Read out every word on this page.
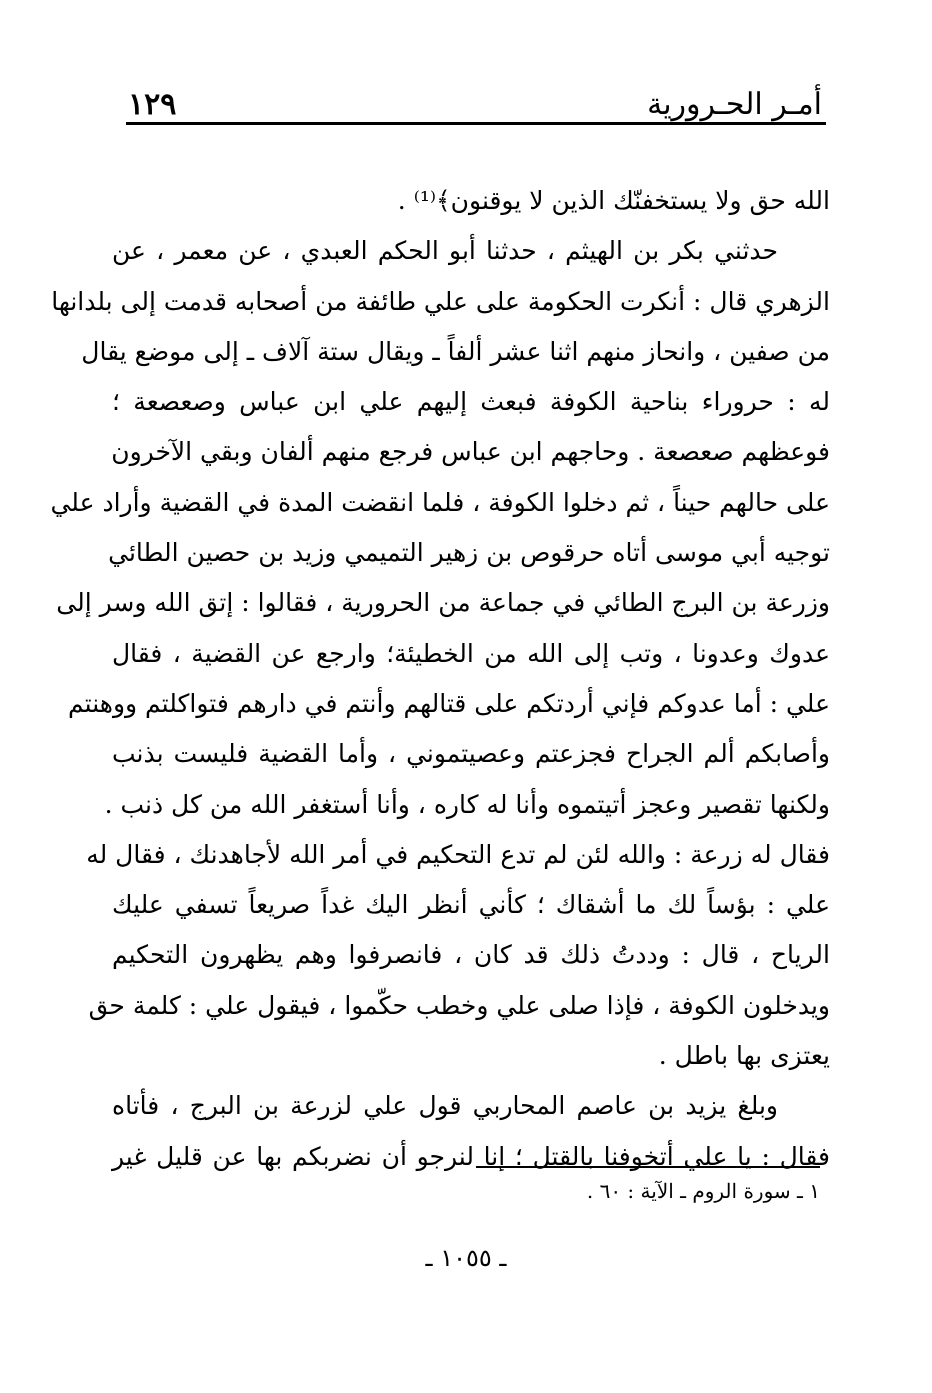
أمـر الحـرورية
١٢٩
الله حق ولا يستخفنّك الذين لا يوقنون﴾⁽¹⁾ .
حدثني بكر بن الهيثم ، حدثنا أبو الحكم العبدي ، عن معمر ، عن
الزهري قال : أنكرت الحكومة على علي طائفة من أصحابه قدمت إلى بلدانها
من صفين ، وانحاز منهم اثنا عشر ألفاً ـ ويقال ستة آلاف ـ إلى موضع يقال
له : حروراء بناحية الكوفة فبعث إليهم علي ابن عباس وصعصعة ؛
فوعظهم صعصعة . وحاجهم ابن عباس فرجع منهم ألفان وبقي الآخرون
على حالهم حيناً ، ثم دخلوا الكوفة ، فلما انقضت المدة في القضية وأراد علي
توجيه أبي موسى أتاه حرقوص بن زهير التميمي وزيد بن حصين الطائي
وزرعة بن البرج الطائي في جماعة من الحرورية ، فقالوا : إتق الله وسر إلى
عدوك وعدونا ، وتب إلى الله من الخطيئة؛ وارجع عن القضية ، فقال
علي : أما عدوكم فإني أردتكم على قتالهم وأنتم في دارهم فتواكلتم ووهنتم
وأصابكم ألم الجراح فجزعتم وعصيتموني ، وأما القضية فليست بذنب
ولكنها تقصير وعجز أتيتموه وأنا له كاره ، وأنا أستغفر الله من كل ذنب .
فقال له زرعة : والله لئن لم تدع التحكيم في أمر الله لأجاهدنك ، فقال له
علي : بؤساً لك ما أشقاك ؛ كأني أنظر اليك غداً صريعاً تسفي عليك
الرياح ، قال : وددتُ ذلك قد كان ، فانصرفوا وهم يظهرون التحكيم
ويدخلون الكوفة ، فإذا صلى علي وخطب حكّموا ، فيقول علي : كلمة حق
يعتزى بها باطل .
وبلغ يزيد بن عاصم المحاربي قول علي لزرعة بن البرج ، فأتاه
فقال : يا علي أتخوفنا بالقتل ؛ إنا لنرجو أن نضربكم بها عن قليل غير
١ ـ سورة الروم ـ الآية : ٦٠ .
ـ ١٠٥٥ ـ
